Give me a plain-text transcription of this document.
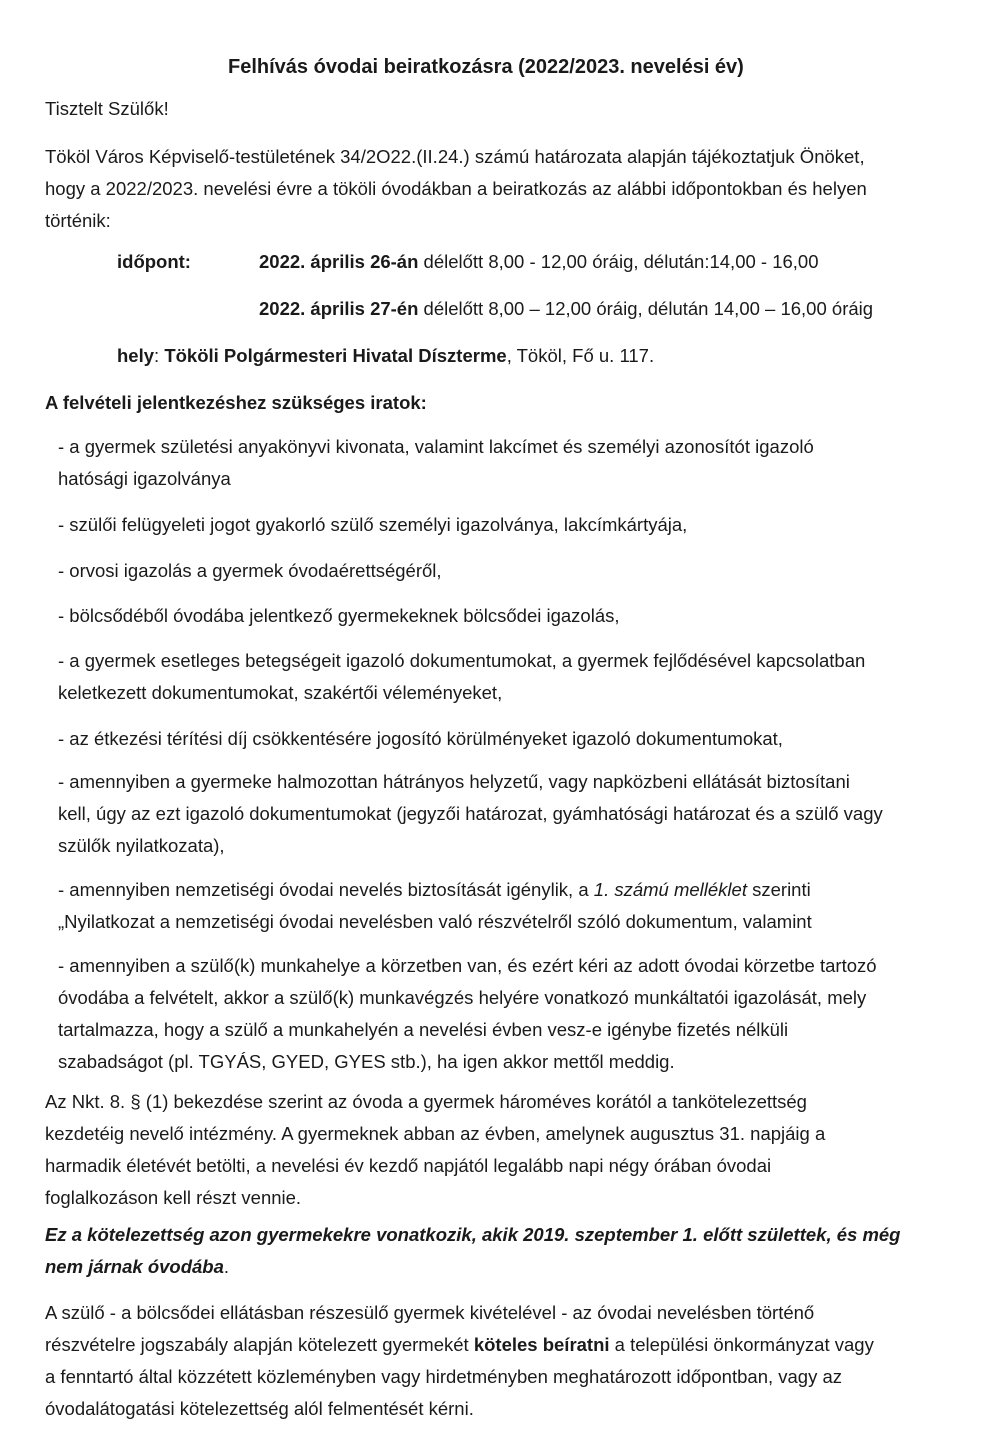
Felhívás óvodai beiratkozásra (2022/2023. nevelési év)

Tisztelt Szülők!

Tököl Város Képviselő-testületének 34/2O22.(II.24.) számú határozata alapján tájékoztatjuk Önöket,
hogy a 2022/2023. nevelési évre a tököli óvodákban a beiratkozás az alábbi időpontokban és helyen
történik:
időpont:	2022. április 26-án délelőtt 8,00 - 12,00 óráig, délután:14,00 - 16,00
2022. április 27-én délelőtt 8,00 – 12,00 óráig, délután 14,00 – 16,00 óráig
hely: Tököli Polgármesteri Hivatal Díszterme, Tököl, Fő u. 117.

A felvételi jelentkezéshez szükséges iratok:

- a gyermek születési anyakönyvi kivonata, valamint lakcímet és személyi azonosítót igazoló
hatósági igazolványa
- szülői felügyeleti jogot gyakorló szülő személyi igazolványa, lakcímkártyája,
- orvosi igazolás a gyermek óvodaérettségéről,
- bölcsődéből óvodába jelentkező gyermekeknek bölcsődei igazolás,
- a gyermek esetleges betegségeit igazoló dokumentumokat, a gyermek fejlődésével kapcsolatban
keletkezett dokumentumokat, szakértői véleményeket,
- az étkezési térítési díj csökkentésére jogosító körülményeket igazoló dokumentumokat,
- amennyiben a gyermeke halmozottan hátrányos helyzetű, vagy napközbeni ellátását biztosítani
kell, úgy az ezt igazoló dokumentumokat (jegyzői határozat, gyámhatósági határozat és a szülő vagy
szülők nyilatkozata),
- amennyiben nemzetiségi óvodai nevelés biztosítását igénylik, a 1. számú melléklet szerinti
„Nyilatkozat a nemzetiségi óvodai nevelésben való részvételről szóló dokumentum, valamint
- amennyiben a szülő(k) munkahelye a körzetben van, és ezért kéri az adott óvodai körzetbe tartozó
óvodába a felvételt, akkor a szülő(k) munkavégzés helyére vonatkozó munkáltatói igazolását, mely
tartalmazza, hogy a szülő a munkahelyén a nevelési évben vesz-e igénybe fizetés nélküli
szabadságot (pl. TGYÁS, GYED, GYES stb.), ha igen akkor mettől meddig.
Az Nkt. 8. § (1) bekezdése szerint az óvoda a gyermek hároméves korától a tankötelezettség
kezdetéig nevelő intézmény. A gyermeknek abban az évben, amelynek augusztus 31. napjáig a
harmadik életévét betölti, a nevelési év kezdő napjától legalább napi négy órában óvodai
foglalkozáson kell részt vennie.
Ez a kötelezettség azon gyermekekre vonatkozik, akik 2019. szeptember 1. előtt születtek, és még
nem járnak óvodába.
A szülő - a bölcsődei ellátásban részesülő gyermek kivételével - az óvodai nevelésben történő
részvételre jogszabály alapján kötelezett gyermekét köteles beíratni a települési önkormányzat vagy
a fenntartó által közzétett közleményben vagy hirdetményben meghatározott időpontban, vagy az
óvodalátogatási kötelezettség alól felmentését kérni.
